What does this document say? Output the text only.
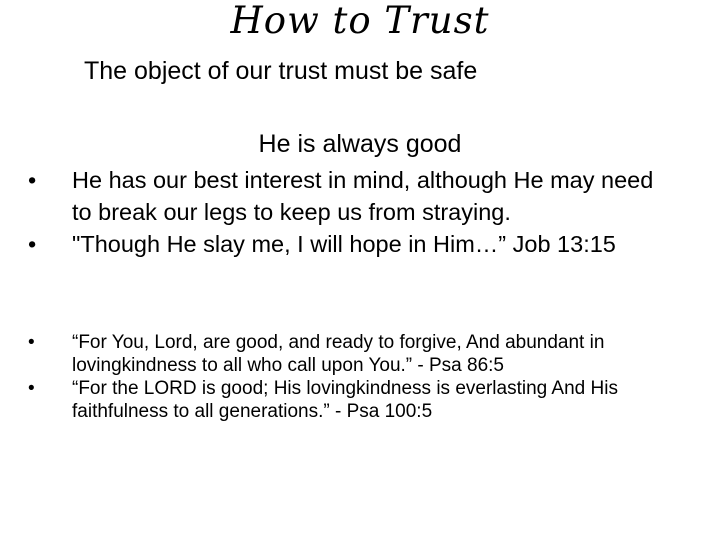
How to Trust
The object of our trust must be safe
He is always good
• He has our best interest in mind, although He may need to break our legs to keep us from straying.
• "Though He slay me, I will hope in Him…” Job 13:15
• “For You, Lord, are good, and ready to forgive, And abundant in lovingkindness to all who call upon You.” - Psa 86:5
• “For the LORD is good; His lovingkindness is everlasting And His faithfulness to all generations.” - Psa 100:5
